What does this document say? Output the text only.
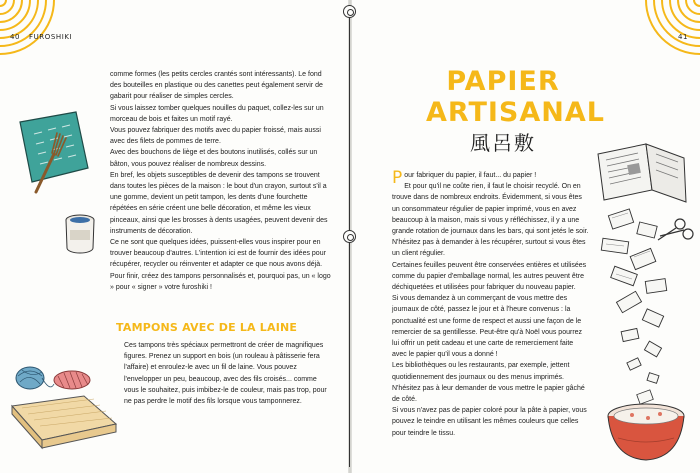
40 FUROSHIKI

comme formes (les petits cercles crantés sont intéressants). Le fond des bouteilles en plastique ou des canettes peut également servir de gabarit pour réaliser de simples cercles.

Si vous laissez tomber quelques nouilles du paquet, collez-les sur un morceau de bois et faites un motif rayé.

Vous pouvez fabriquer des motifs avec du papier froissé, mais aussi avec des filets de pommes de terre.

Avec des bouchons de liège et des boutons inutilisés, collés sur un bâton, vous pouvez réaliser de nombreux dessins.

En bref, les objets susceptibles de devenir des tampons se trouvent dans toutes les pièces de la maison : le bout d'un crayon, surtout s'il a une gomme, devient un petit tampon, les dents d'une fourchette répétées en série créent une belle décoration, et même les vieux pinceaux, ainsi que les brosses à dents usagées, peuvent devenir des instruments de décoration.

Ce ne sont que quelques idées, puissent-elles vous inspirer pour en trouver beaucoup d'autres. L'intention ici est de fournir des idées pour récupérer, recycler ou réinventer et adapter ce que nous avons déjà.

Pour finir, créez des tampons personnalisés et, pourquoi pas, un « logo » pour « signer » votre furoshiki !

TAMPONS AVEC DE LA LAINE

Ces tampons très spéciaux permettront de créer de magnifiques figures. Prenez un support en bois (un rouleau à pâtisserie fera l'affaire) et enroulez-le avec un fil de laine. Vous pouvez l'envelopper un peu, beaucoup, avec des fils croisés... comme vous le souhaitez, puis imbibez-le de couleur, mais pas trop, pour ne pas perdre le motif des fils lorsque vous tamponnerez.

41
PAPIER
ARTISANAL
風呂敷

P our fabriquer du papier, il faut... du papier !

Et pour qu'il ne coûte rien, il faut le choisir recyclé. On en trouve dans de nombreux endroits. Évidemment, si vous êtes un consommateur régulier de papier imprimé, vous en avez beaucoup à la maison, mais si vous y réfléchissez, il y a une grande rotation de journaux dans les bars, qui sont jetés le soir. N'hésitez pas à demander à les récupérer, surtout si vous êtes un client régulier.

Certaines feuilles peuvent être conservées entières et utilisées comme du papier d'emballage normal, les autres peuvent être déchiquetées et utilisées pour fabriquer du nouveau papier.

Si vous demandez à un commerçant de vous mettre des journaux de côté, passez le jour et à l'heure convenus : la ponctualité est une forme de respect et aussi une façon de le remercier de sa gentillesse. Peut-être qu'à Noël vous pourrez lui offrir un petit cadeau et une carte de remerciement faite avec le papier qu'il vous a donné !

Les bibliothèques ou les restaurants, par exemple, jettent quotidiennement des journaux ou des menus imprimés. N'hésitez pas à leur demander de vous mettre le papier gâché de côté.

Si vous n'avez pas de papier coloré pour la pâte à papier, vous pouvez le teindre en utilisant les mêmes couleurs que celles pour teindre le tissu.
